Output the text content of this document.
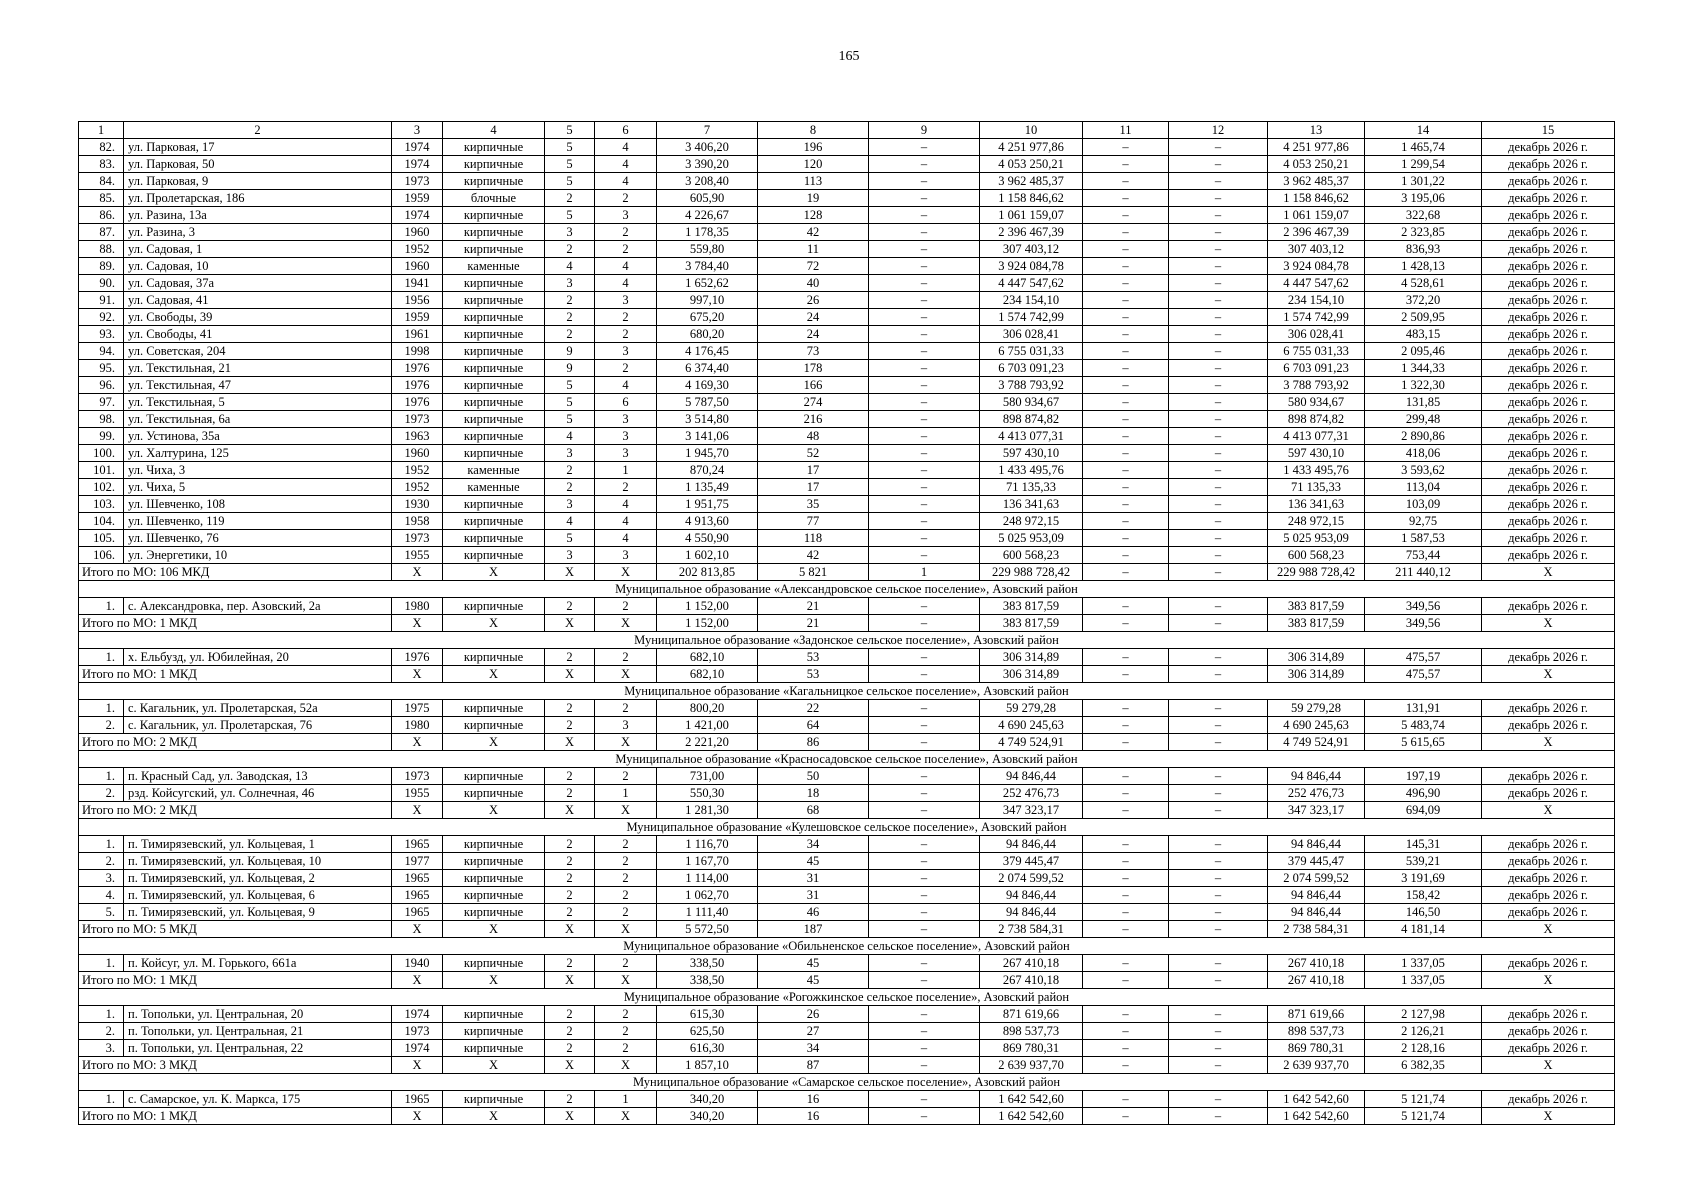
165
1	2	3	4	5	6	7	8	9	10	11	12	13	14	15
82.	ул. Парковая, 17	1974	кирпичные	5	4	3 406,20	196	–	4 251 977,86	–	–	4 251 977,86	1 465,74	декабрь 2026 г.
83.	ул. Парковая, 50	1974	кирпичные	5	4	3 390,20	120	–	4 053 250,21	–	–	4 053 250,21	1 299,54	декабрь 2026 г.
84.	ул. Парковая, 9	1973	кирпичные	5	4	3 208,40	113	–	3 962 485,37	–	–	3 962 485,37	1 301,22	декабрь 2026 г.
85.	ул. Пролетарская, 186	1959	блочные	2	2	605,90	19	–	1 158 846,62	–	–	1 158 846,62	3 195,06	декабрь 2026 г.
86.	ул. Разина, 13а	1974	кирпичные	5	3	4 226,67	128	–	1 061 159,07	–	–	1 061 159,07	322,68	декабрь 2026 г.
87.	ул. Разина, 3	1960	кирпичные	3	2	1 178,35	42	–	2 396 467,39	–	–	2 396 467,39	2 323,85	декабрь 2026 г.
88.	ул. Садовая, 1	1952	кирпичные	2	2	559,80	11	–	307 403,12	–	–	307 403,12	836,93	декабрь 2026 г.
89.	ул. Садовая, 10	1960	каменные	4	4	3 784,40	72	–	3 924 084,78	–	–	3 924 084,78	1 428,13	декабрь 2026 г.
90.	ул. Садовая, 37а	1941	кирпичные	3	4	1 652,62	40	–	4 447 547,62	–	–	4 447 547,62	4 528,61	декабрь 2026 г.
91.	ул. Садовая, 41	1956	кирпичные	2	3	997,10	26	–	234 154,10	–	–	234 154,10	372,20	декабрь 2026 г.
92.	ул. Свободы, 39	1959	кирпичные	2	2	675,20	24	–	1 574 742,99	–	–	1 574 742,99	2 509,95	декабрь 2026 г.
93.	ул. Свободы, 41	1961	кирпичные	2	2	680,20	24	–	306 028,41	–	–	306 028,41	483,15	декабрь 2026 г.
94.	ул. Советская, 204	1998	кирпичные	9	3	4 176,45	73	–	6 755 031,33	–	–	6 755 031,33	2 095,46	декабрь 2026 г.
95.	ул. Текстильная, 21	1976	кирпичные	9	2	6 374,40	178	–	6 703 091,23	–	–	6 703 091,23	1 344,33	декабрь 2026 г.
96.	ул. Текстильная, 47	1976	кирпичные	5	4	4 169,30	166	–	3 788 793,92	–	–	3 788 793,92	1 322,30	декабрь 2026 г.
97.	ул. Текстильная, 5	1976	кирпичные	5	6	5 787,50	274	–	580 934,67	–	–	580 934,67	131,85	декабрь 2026 г.
98.	ул. Текстильная, 6а	1973	кирпичные	5	3	3 514,80	216	–	898 874,82	–	–	898 874,82	299,48	декабрь 2026 г.
99.	ул. Устинова, 35а	1963	кирпичные	4	3	3 141,06	48	–	4 413 077,31	–	–	4 413 077,31	2 890,86	декабрь 2026 г.
100.	ул. Халтурина, 125	1960	кирпичные	3	3	1 945,70	52	–	597 430,10	–	–	597 430,10	418,06	декабрь 2026 г.
101.	ул. Чиха, 3	1952	каменные	2	1	870,24	17	–	1 433 495,76	–	–	1 433 495,76	3 593,62	декабрь 2026 г.
102.	ул. Чиха, 5	1952	каменные	2	2	1 135,49	17	–	71 135,33	–	–	71 135,33	113,04	декабрь 2026 г.
103.	ул. Шевченко, 108	1930	кирпичные	3	4	1 951,75	35	–	136 341,63	–	–	136 341,63	103,09	декабрь 2026 г.
104.	ул. Шевченко, 119	1958	кирпичные	4	4	4 913,60	77	–	248 972,15	–	–	248 972,15	92,75	декабрь 2026 г.
105.	ул. Шевченко, 76	1973	кирпичные	5	4	4 550,90	118	–	5 025 953,09	–	–	5 025 953,09	1 587,53	декабрь 2026 г.
106.	ул. Энергетики, 10	1955	кирпичные	3	3	1 602,10	42	–	600 568,23	–	–	600 568,23	753,44	декабрь 2026 г.
Итого по МО: 106 МКД		Х	Х	Х	Х	202 813,85	5 821	1	229 988 728,42	–	–	229 988 728,42	211 440,12	Х
Муниципальное образование «Александровское сельское поселение», Азовский район														
1.	с. Александровка, пер. Азовский, 2а	1980	кирпичные	2	2	1 152,00	21	–	383 817,59	–	–	383 817,59	349,56	декабрь 2026 г.
Итого по МО: 1 МКД		Х	Х	Х	Х	1 152,00	21	–	383 817,59	–	–	383 817,59	349,56	Х
Муниципальное образование «Задонское сельское поселение», Азовский район														
1.	х. Ельбузд, ул. Юбилейная, 20	1976	кирпичные	2	2	682,10	53	–	306 314,89	–	–	306 314,89	475,57	декабрь 2026 г.
Итого по МО: 1 МКД		Х	Х	Х	Х	682,10	53	–	306 314,89	–	–	306 314,89	475,57	Х
Муниципальное образование «Кагальницкое сельское поселение», Азовский район														
1.	с. Кагальник, ул. Пролетарская, 52а	1975	кирпичные	2	2	800,20	22	–	59 279,28	–	–	59 279,28	131,91	декабрь 2026 г.
2.	с. Кагальник, ул. Пролетарская, 76	1980	кирпичные	2	3	1 421,00	64	–	4 690 245,63	–	–	4 690 245,63	5 483,74	декабрь 2026 г.
Итого по МО: 2 МКД		Х	Х	Х	Х	2 221,20	86	–	4 749 524,91	–	–	4 749 524,91	5 615,65	Х
Муниципальное образование «Красносадовское сельское поселение», Азовский район														
1.	п. Красный Сад, ул. Заводская, 13	1973	кирпичные	2	2	731,00	50	–	94 846,44	–	–	94 846,44	197,19	декабрь 2026 г.
2.	рзд. Койсугский, ул. Солнечная, 46	1955	кирпичные	2	1	550,30	18	–	252 476,73	–	–	252 476,73	496,90	декабрь 2026 г.
Итого по МО: 2 МКД		Х	Х	Х	Х	1 281,30	68	–	347 323,17	–	–	347 323,17	694,09	Х
Муниципальное образование «Кулешовское сельское поселение», Азовский район														
1.	п. Тимирязевский, ул. Кольцевая, 1	1965	кирпичные	2	2	1 116,70	34	–	94 846,44	–	–	94 846,44	145,31	декабрь 2026 г.
2.	п. Тимирязевский, ул. Кольцевая, 10	1977	кирпичные	2	2	1 167,70	45	–	379 445,47	–	–	379 445,47	539,21	декабрь 2026 г.
3.	п. Тимирязевский, ул. Кольцевая, 2	1965	кирпичные	2	2	1 114,00	31	–	2 074 599,52	–	–	2 074 599,52	3 191,69	декабрь 2026 г.
4.	п. Тимирязевский, ул. Кольцевая, 6	1965	кирпичные	2	2	1 062,70	31	–	94 846,44	–	–	94 846,44	158,42	декабрь 2026 г.
5.	п. Тимирязевский, ул. Кольцевая, 9	1965	кирпичные	2	2	1 111,40	46	–	94 846,44	–	–	94 846,44	146,50	декабрь 2026 г.
Итого по МО: 5 МКД		Х	Х	Х	Х	5 572,50	187	–	2 738 584,31	–	–	2 738 584,31	4 181,14	Х
Муниципальное образование «Обильненское сельское поселение», Азовский район														
1.	п. Койсуг, ул. М. Горького, 661а	1940	кирпичные	2	2	338,50	45	–	267 410,18	–	–	267 410,18	1 337,05	декабрь 2026 г.
Итого по МО: 1 МКД		Х	Х	Х	Х	338,50	45	–	267 410,18	–	–	267 410,18	1 337,05	Х
Муниципальное образование «Рогожкинское сельское поселение», Азовский район														
1.	п. Топольки, ул. Центральная, 20	1974	кирпичные	2	2	615,30	26	–	871 619,66	–	–	871 619,66	2 127,98	декабрь 2026 г.
2.	п. Топольки, ул. Центральная, 21	1973	кирпичные	2	2	625,50	27	–	898 537,73	–	–	898 537,73	2 126,21	декабрь 2026 г.
3.	п. Топольки, ул. Центральная, 22	1974	кирпичные	2	2	616,30	34	–	869 780,31	–	–	869 780,31	2 128,16	декабрь 2026 г.
Итого по МО: 3 МКД		Х	Х	Х	Х	1 857,10	87	–	2 639 937,70	–	–	2 639 937,70	6 382,35	Х
Муниципальное образование «Самарское сельское поселение», Азовский район														
1.	с. Самарское, ул. К. Маркса, 175	1965	кирпичные	2	1	340,20	16	–	1 642 542,60	–	–	1 642 542,60	5 121,74	декабрь 2026 г.
Итого по МО: 1 МКД		Х	Х	Х	Х	340,20	16	–	1 642 542,60	–	–	1 642 542,60	5 121,74	Х
